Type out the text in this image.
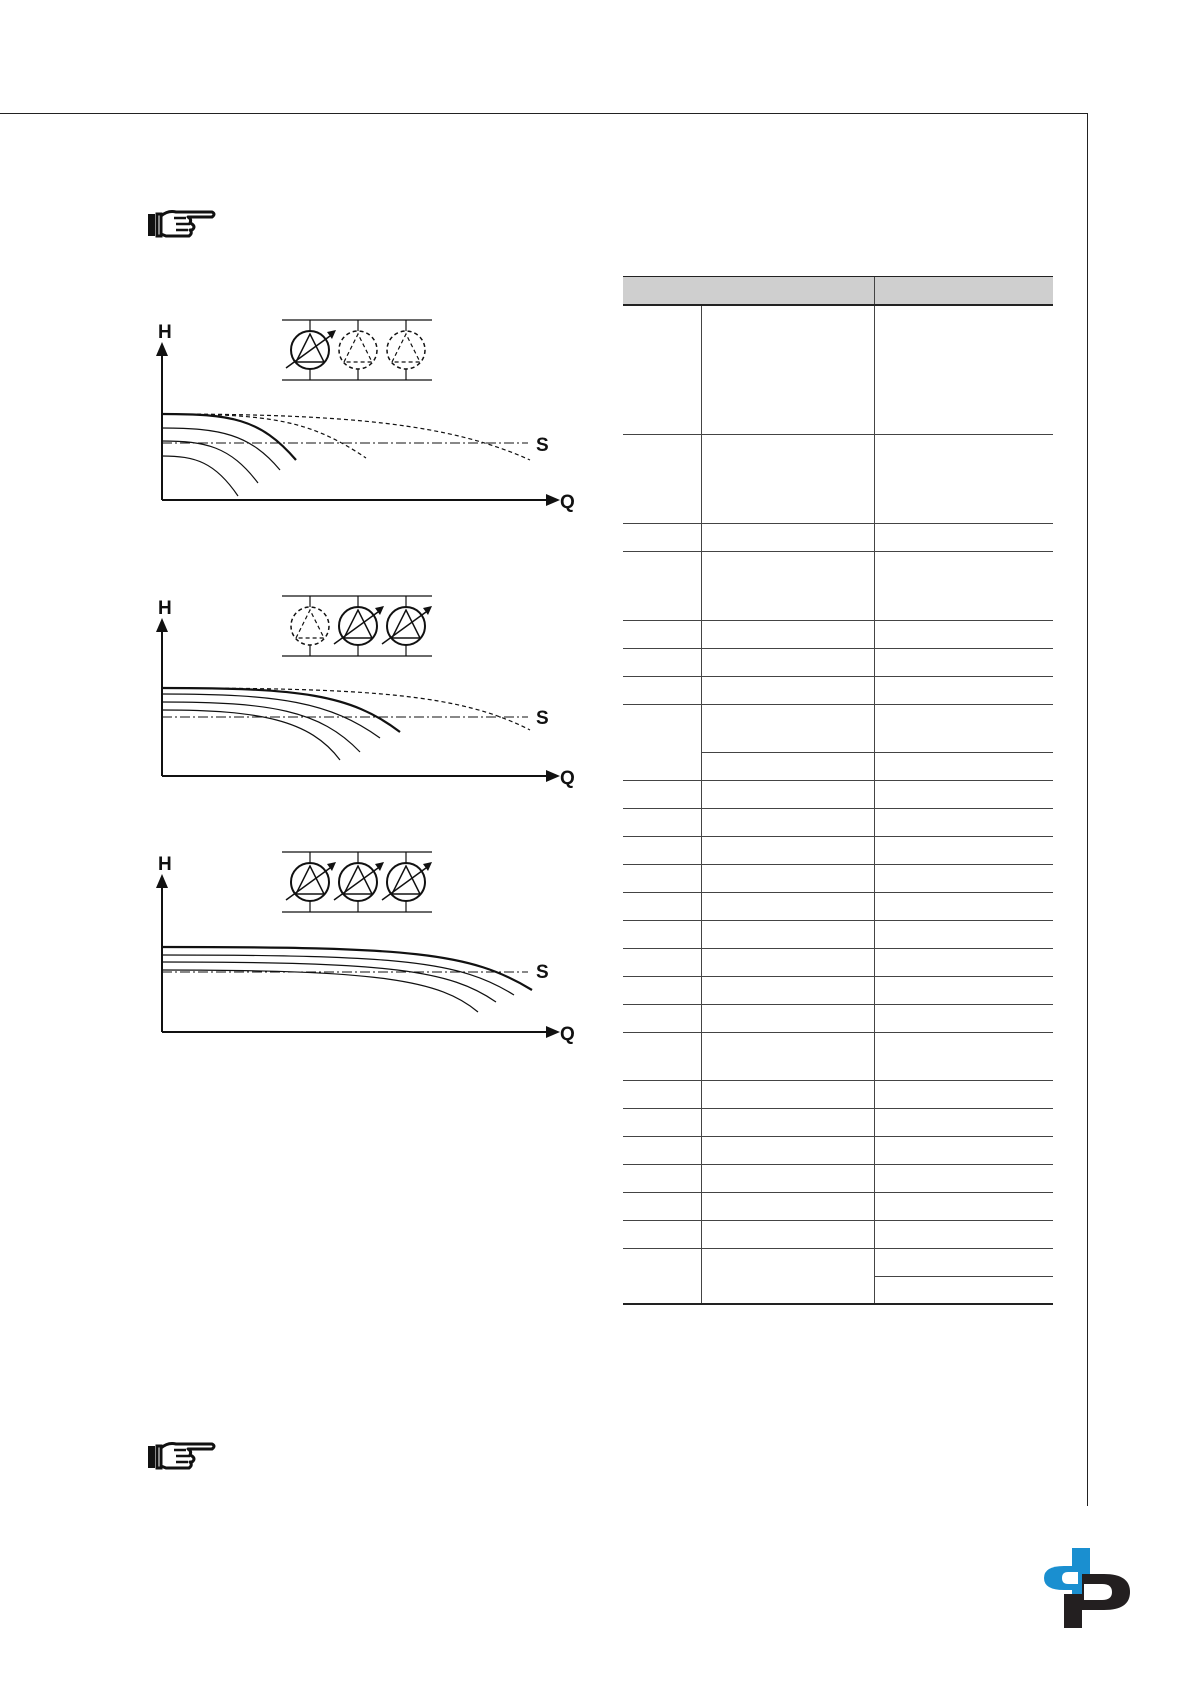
H
Q
S
H
Q
S
H
Q
S
